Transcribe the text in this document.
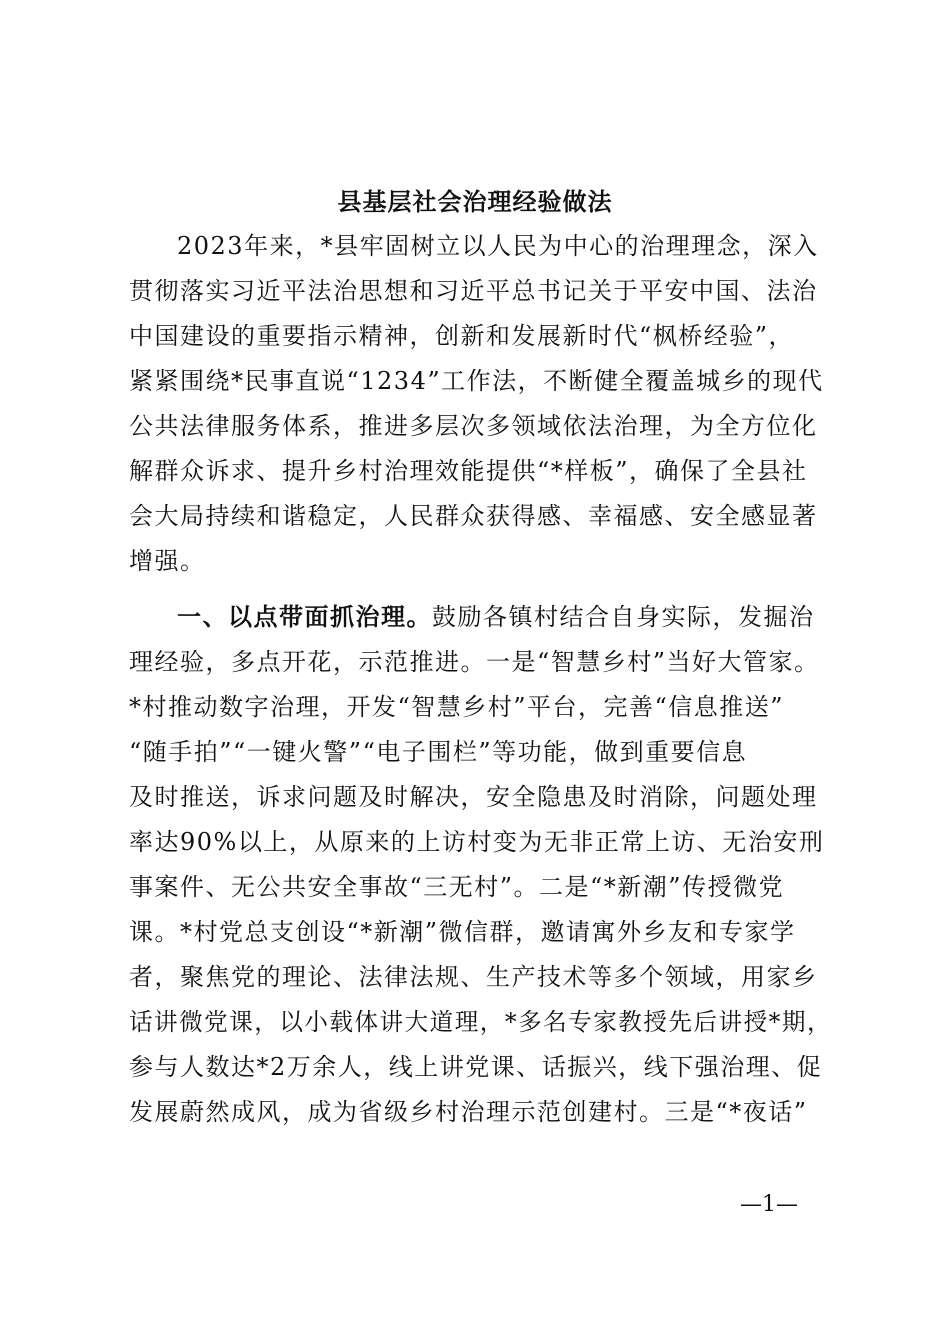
县基层社会治理经验做法
2023年来，*县牢固树立以人民为中心的治理理念，深入
贯彻落实习近平法治思想和习近平总书记关于平安中国、法治
中国建设的重要指示精神，创新和发展新时代“枫桥经验”，
紧紧围绕*民事直说“1234”工作法，不断健全覆盖城乡的现代
公共法律服务体系，推进多层次多领域依法治理，为全方位化
解群众诉求、提升乡村治理效能提供“*样板”，确保了全县社
会大局持续和谐稳定，人民群众获得感、幸福感、安全感显著
增强。
一、以点带面抓治理。鼓励各镇村结合自身实际，发掘治
理经验，多点开花，示范推进。一是“智慧乡村”当好大管家。
*村推动数字治理，开发“智慧乡村”平台，完善“信息推送”
“随手拍”“一键火警”“电子围栏”等功能，做到重要信息
及时推送，诉求问题及时解决，安全隐患及时消除，问题处理
率达90%以上，从原来的上访村变为无非正常上访、无治安刑
事案件、无公共安全事故“三无村”。二是“*新潮”传授微党
课。*村党总支创设“*新潮”微信群，邀请寓外乡友和专家学
者，聚焦党的理论、法律法规、生产技术等多个领域，用家乡
话讲微党课，以小载体讲大道理，*多名专家教授先后讲授*期，
参与人数达*2万余人，线上讲党课、话振兴，线下强治理、促
发展蔚然成风，成为省级乡村治理示范创建村。三是“*夜话”
—1—
